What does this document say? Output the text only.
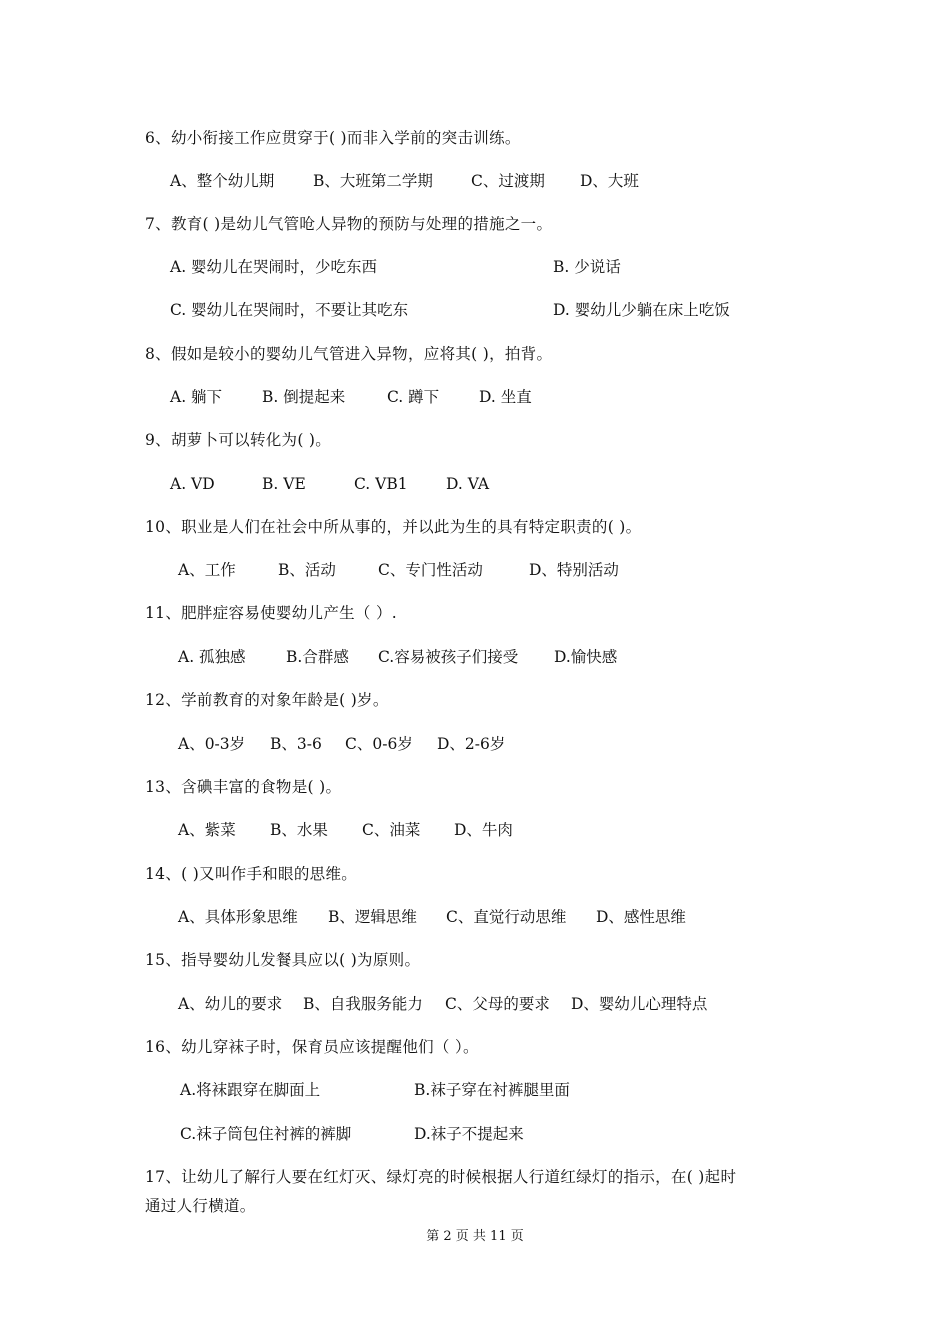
6、幼小衔接工作应贯穿于( )而非入学前的突击训练。
A、整个幼儿期	B、大班第二学期 C、过渡期 D、大班
7、教育( )是幼儿气管呛人异物的预防与处理的措施之一。
A. 婴幼儿在哭闹时，少吃东西	B. 少说话
C. 婴幼儿在哭闹时，不要让其吃东	D. 婴幼儿少躺在床上吃饭
8、假如是较小的婴幼儿气管进入异物，应将其( )，拍背。
A. 躺下	B. 倒提起来	C. 蹲下	D. 坐直
9、胡萝卜可以转化为( )。
A. VD	B. VE	C. VB1 D. VA
10、职业是人们在社会中所从事的，并以此为生的具有特定职责的( )。
A、工作	B、活动	C、专门性活动	D、特别活动
11、肥胖症容易使婴幼儿产生（ ）.
A. 孤独感	B.合群感 C.容易被孩子们接受 D.愉快感
12、学前教育的对象年龄是( )岁。
A、0-3岁 B、3-6 C、0-6岁 D、2-6岁
13、含碘丰富的食物是( )。
A、紫菜 B、水果 C、油菜 D、牛肉
14、( )又叫作手和眼的思维。
A、具体形象思维 B、逻辑思维 C、直觉行动思维 D、感性思维
15、指导婴幼儿发餐具应以( )为原则。
A、幼儿的要求 B、自我服务能力 C、父母的要求 D、婴幼儿心理特点
16、幼儿穿袜子时，保育员应该提醒他们（ ）。
A.将袜跟穿在脚面上	B.袜子穿在衬裤腿里面
C.袜子筒包住衬裤的裤脚	D.袜子不提起来
17、让幼儿了解行人要在红灯灭、绿灯亮的时候根据人行道红绿灯的指示，在( )起时
通过人行横道。
第 2 页 共 11 页
